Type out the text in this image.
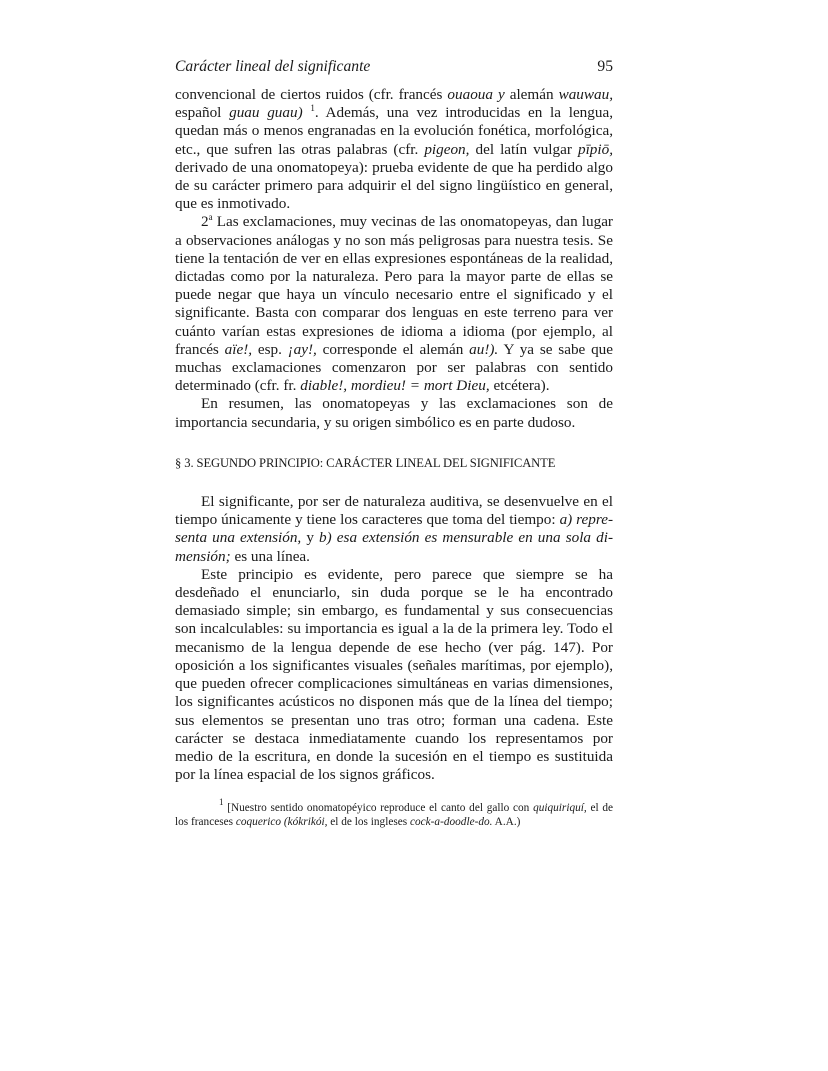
Carácter lineal del significante	95

convencional de ciertos ruidos (cfr. francés ouaoua y alemán wauwau, español guau guau) $^1$. Además, una vez introducidas en la lengua, quedan más o menos engranadas en la evolución fonética, morfológica, etc., que sufren las otras palabras (cfr. pigeon, del latín vulgar pīpiō, derivado de una onomatopeya): prueba evidente de que ha perdido algo de su carácter primero para adquirir el del signo lingüístico en general, que es inmotivado.

2$^a$ Las exclamaciones, muy vecinas de las onomatopeyas, dan lugar a observaciones análogas y no son más peligrosas para nuestra tesis. Se tiene la tentación de ver en ellas expresiones espontáneas de la realidad, dictadas como por la naturaleza. Pero para la mayor parte de ellas se puede negar que haya un vínculo necesario entre el significado y el significante. Basta con comparar dos lenguas en este terreno para ver cuánto varían estas expresiones de idioma a idioma (por ejemplo, al francés aïe!, esp. ¡ay!, corresponde el alemán au!). Y ya se sabe que muchas exclamaciones comenzaron por ser palabras con sentido determinado (cfr. fr. diable!, mordieu! = mort Dieu, etcétera).

En resumen, las onomatopeyas y las exclamaciones son de importancia secundaria, y su origen simbólico es en parte dudoso.

§ 3. SEGUNDO PRINCIPIO: CARÁCTER LINEAL DEL SIGNIFICANTE

El significante, por ser de naturaleza auditiva, se desenvuelve en el tiempo únicamente y tiene los caracteres que toma del tiempo: a) representa una extensión, y b) esa extensión es mensurable en una sola dimensión; es una línea.

Este principio es evidente, pero parece que siempre se ha desdeñado el enunciarlo, sin duda porque se le ha encontrado demasiado simple; sin embargo, es fundamental y sus consecuencias son incalculables: su importancia es igual a la de la primera ley. Todo el mecanismo de la lengua depende de ese hecho (ver pág. 147). Por oposición a los significantes visuales (señales marítimas, por ejemplo), que pueden ofrecer complicaciones simultáneas en varias dimensiones, los significantes acústicos no disponen más que de la línea del tiempo; sus elementos se presentan uno tras otro; forman una cadena. Este carácter se destaca inmediatamente cuando los representamos por medio de la escritura, en donde la sucesión en el tiempo es sustituida por la línea espacial de los signos gráficos.

$^1$ [Nuestro sentido onomatopéyico reproduce el canto del gallo con quiquiriquí, el de los franceses coquerico (kókrikói, el de los ingleses cock-a-doodle-do. A.A.)
